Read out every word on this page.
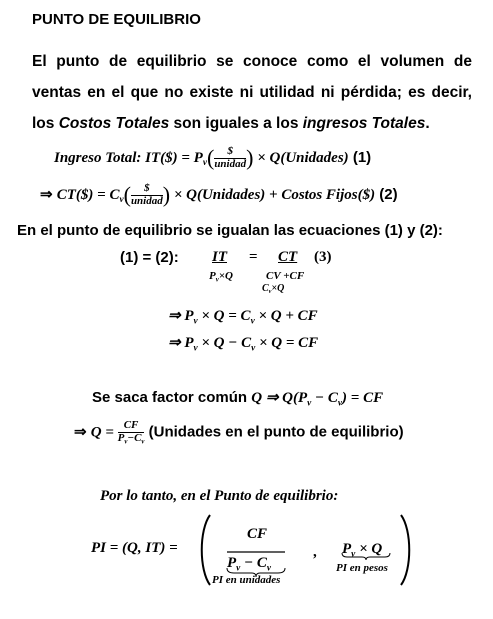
PUNTO DE EQUILIBRIO
El punto de equilibrio se conoce como el volumen de ventas en el que no existe ni utilidad ni pérdida; es decir, los Costos Totales son iguales a los ingresos Totales.
Ingreso Total: IT($) = $P_v( \frac{\$}{\text{unidad}}$ ) × Q(Unidades) (1)
⇒ CT($) = $C_v( \frac{\$}{\text{unidad}}$ ) × Q(Unidades) + Costos Fijos($) (2)
En el punto de equilibrio se igualan las ecuaciones (1) y (2):
(1) = (2): IT = CT (3)
$P_v\times Q$	CV +CF
$C_v\times Q$
⇒ $P_v \times Q = C_v \times Q$ + CF
⇒ $P_v \times Q - C_v \times Q$ = CF
Se saca factor común Q ⇒ $Q(P_v - C_v)$ = CF
⇒ $Q = \frac{CF}{P_v-C_v}$ (Unidades en el punto de equilibrio)
Por lo tanto, en el Punto de equilibrio:
PI = (Q, IT) =
CF
$P_v - C_v$
, $P_v \times Q$
PI en unidades
PI en pesos
